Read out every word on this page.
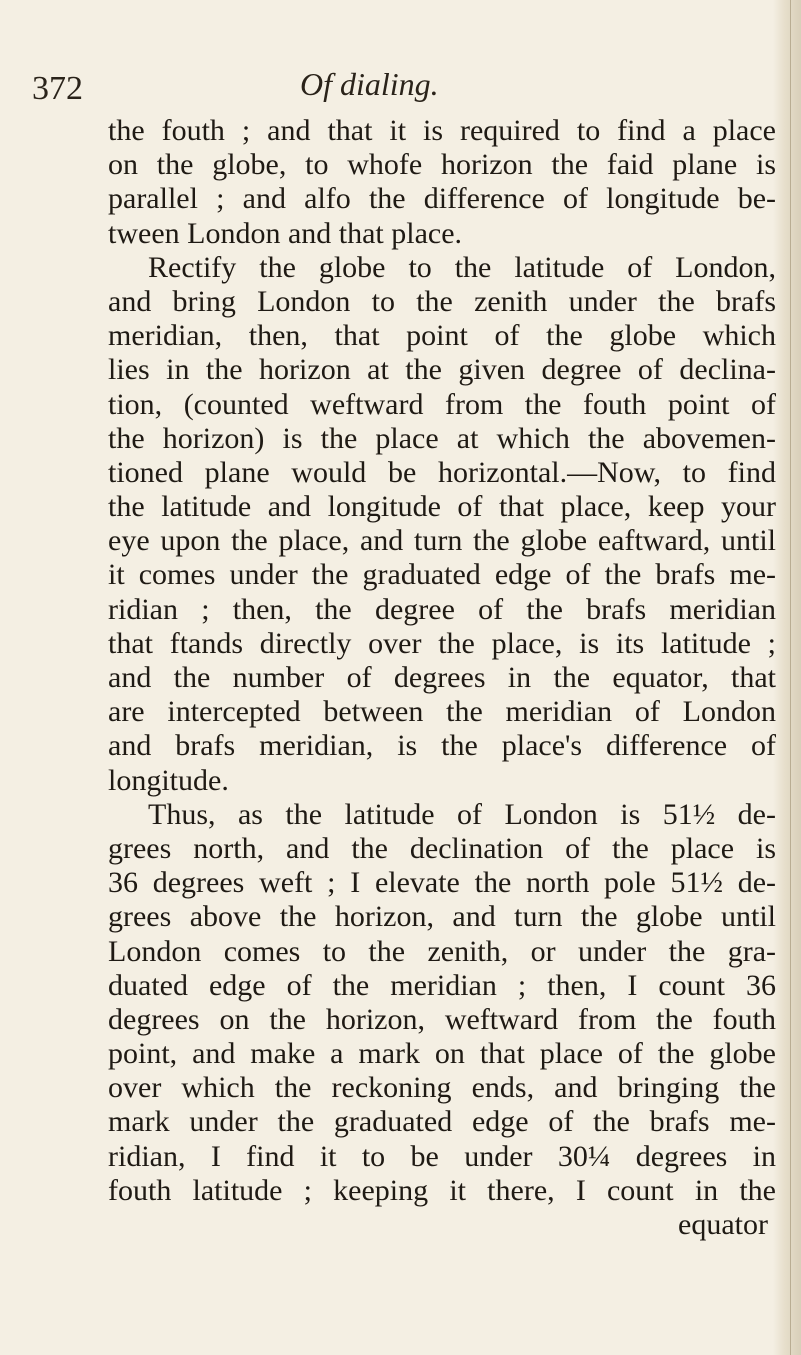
372	Of dialing.
the fouth ; and that it is required to find a place
on the globe, to whofe horizon the faid plane is
parallel ; and alfo the difference of longitude be-
tween London and that place.
Rectify the globe to the latitude of London,
and bring London to the zenith under the brafs
meridian, then, that point of the globe which
lies in the horizon at the given degree of declina-
tion, (counted weftward from the fouth point of
the horizon) is the place at which the abovemen-
tioned plane would be horizontal.—Now, to find
the latitude and longitude of that place, keep your
eye upon the place, and turn the globe eaftward, until
it comes under the graduated edge of the brafs me-
ridian ; then, the degree of the brafs meridian
that ftands directly over the place, is its latitude ;
and the number of degrees in the equator, that
are intercepted between the meridian of London
and brafs meridian, is the place's difference of
longitude.
Thus, as the latitude of London is 51½ de-
grees north, and the declination of the place is
36 degrees weft ; I elevate the north pole 51½ de-
grees above the horizon, and turn the globe until
London comes to the zenith, or under the gra-
duated edge of the meridian ; then, I count 36
degrees on the horizon, weftward from the fouth
point, and make a mark on that place of the globe
over which the reckoning ends, and bringing the
mark under the graduated edge of the brafs me-
ridian, I find it to be under 30¼ degrees in
fouth latitude ; keeping it there, I count in the
equator
